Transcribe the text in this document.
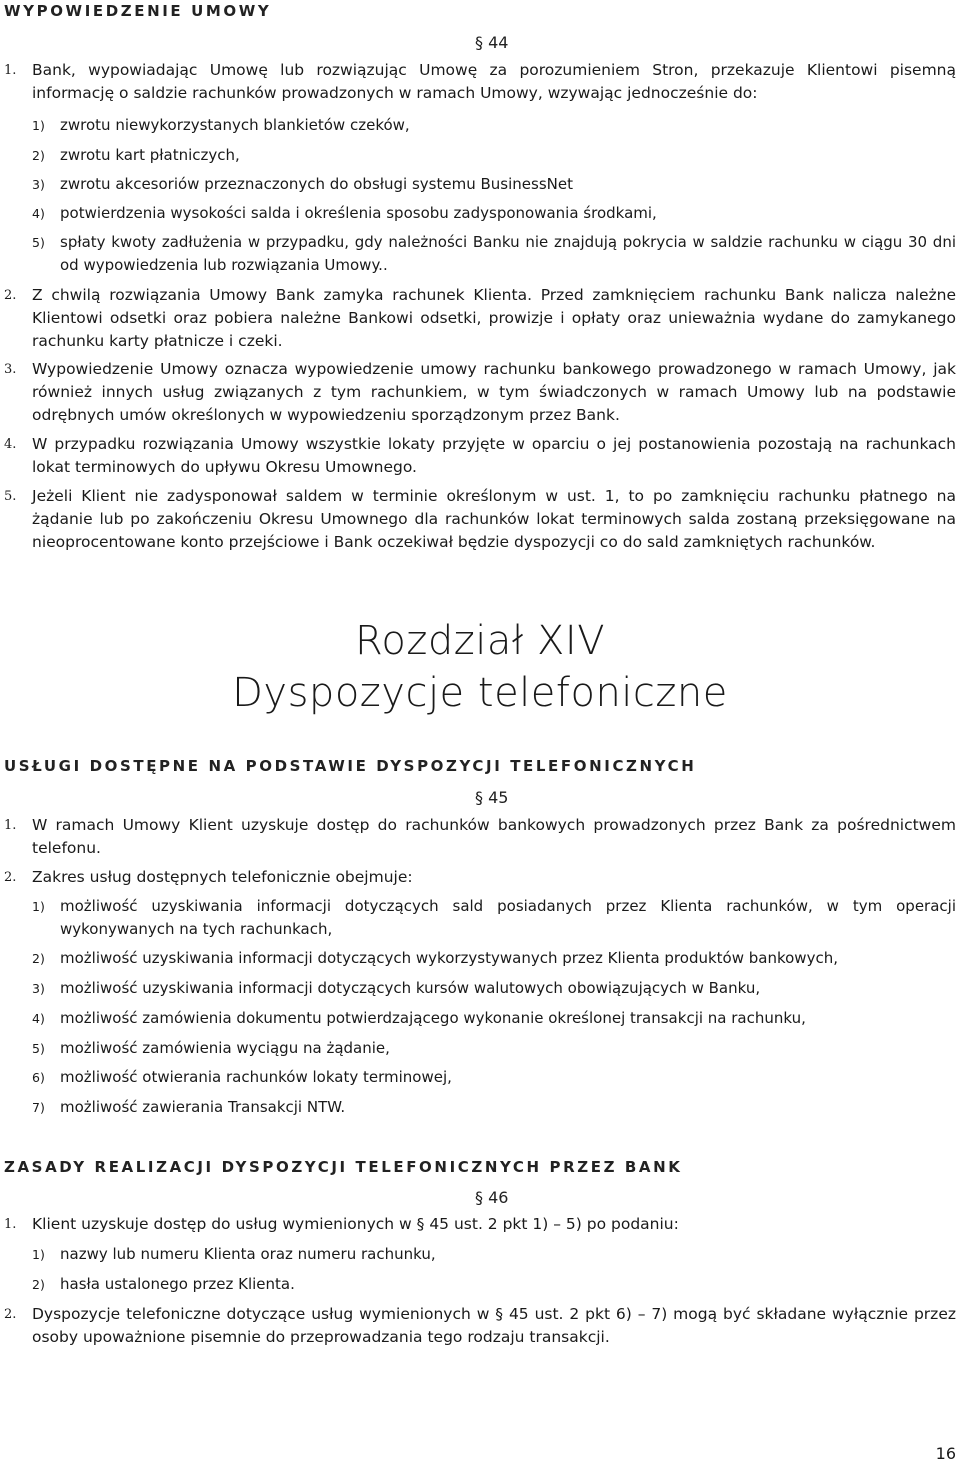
WYPOWIEDZENIE UMOWY
§ 44
1. Bank, wypowiadając Umowę lub rozwiązując Umowę za porozumieniem Stron, przekazuje Klientowi pisemną informację o saldzie rachunków prowadzonych w ramach Umowy, wzywając jednocześnie do:
1) zwrotu niewykorzystanych blankietów czeków,
2) zwrotu kart płatniczych,
3) zwrotu akcesoriów przeznaczonych do obsługi systemu BusinessNet
4) potwierdzenia wysokości salda i określenia sposobu zadysponowania środkami,
5) spłaty kwoty zadłużenia w przypadku, gdy należności Banku nie znajdują pokrycia w saldzie rachunku w ciągu 30 dni od wypowiedzenia lub rozwiązania Umowy..
2. Z chwilą rozwiązania Umowy Bank zamyka rachunek Klienta. Przed zamknięciem rachunku Bank nalicza należne Klientowi odsetki oraz pobiera należne Bankowi odsetki, prowizje i opłaty oraz unieważnia wydane do zamykanego rachunku karty płatnicze i czeki.
3. Wypowiedzenie Umowy oznacza wypowiedzenie umowy rachunku bankowego prowadzonego w ramach Umowy, jak również innych usług związanych z tym rachunkiem, w tym świadczonych w ramach Umowy lub na podstawie odrębnych umów określonych w wypowiedzeniu sporządzonym przez Bank.
4. W przypadku rozwiązania Umowy wszystkie lokaty przyjęte w oparciu o jej postanowienia pozostają na rachunkach lokat terminowych do upływu Okresu Umownego.
5. Jeżeli Klient nie zadysponował saldem w terminie określonym w ust. 1, to po zamknięciu rachunku płatnego na żądanie lub po zakończeniu Okresu Umownego dla rachunków lokat terminowych salda zostaną przeksięgowane na nieoprocentowane konto przejściowe i Bank oczekiwał będzie dyspozycji co do sald zamkniętych rachunków.
Rozdział XIV
Dyspozycje telefoniczne
USŁUGI DOSTĘPNE NA PODSTAWIE DYSPOZYCJI TELEFONICZNYCH
§ 45
1. W ramach Umowy Klient uzyskuje dostęp do rachunków bankowych prowadzonych przez Bank za pośrednictwem telefonu.
2. Zakres usług dostępnych telefonicznie obejmuje:
1) możliwość uzyskiwania informacji dotyczących sald posiadanych przez Klienta rachunków, w tym operacji wykonywanych na tych rachunkach,
2) możliwość uzyskiwania informacji dotyczących wykorzystywanych przez Klienta produktów bankowych,
3) możliwość uzyskiwania informacji dotyczących kursów walutowych obowiązujących w Banku,
4) możliwość zamówienia dokumentu potwierdzającego wykonanie określonej transakcji na rachunku,
5) możliwość zamówienia wyciągu na żądanie,
6) możliwość otwierania rachunków lokaty terminowej,
7) możliwość zawierania Transakcji NTW.
ZASADY REALIZACJI DYSPOZYCJI TELEFONICZNYCH PRZEZ BANK
§ 46
1. Klient uzyskuje dostęp do usług wymienionych w § 45 ust. 2 pkt 1) – 5) po podaniu:
1) nazwy lub numeru Klienta oraz numeru rachunku,
2) hasła ustalonego przez Klienta.
2. Dyspozycje telefoniczne dotyczące usług wymienionych w § 45 ust. 2 pkt 6) – 7) mogą być składane wyłącznie przez osoby upoważnione pisemnie do przeprowadzania tego rodzaju transakcji.
16
